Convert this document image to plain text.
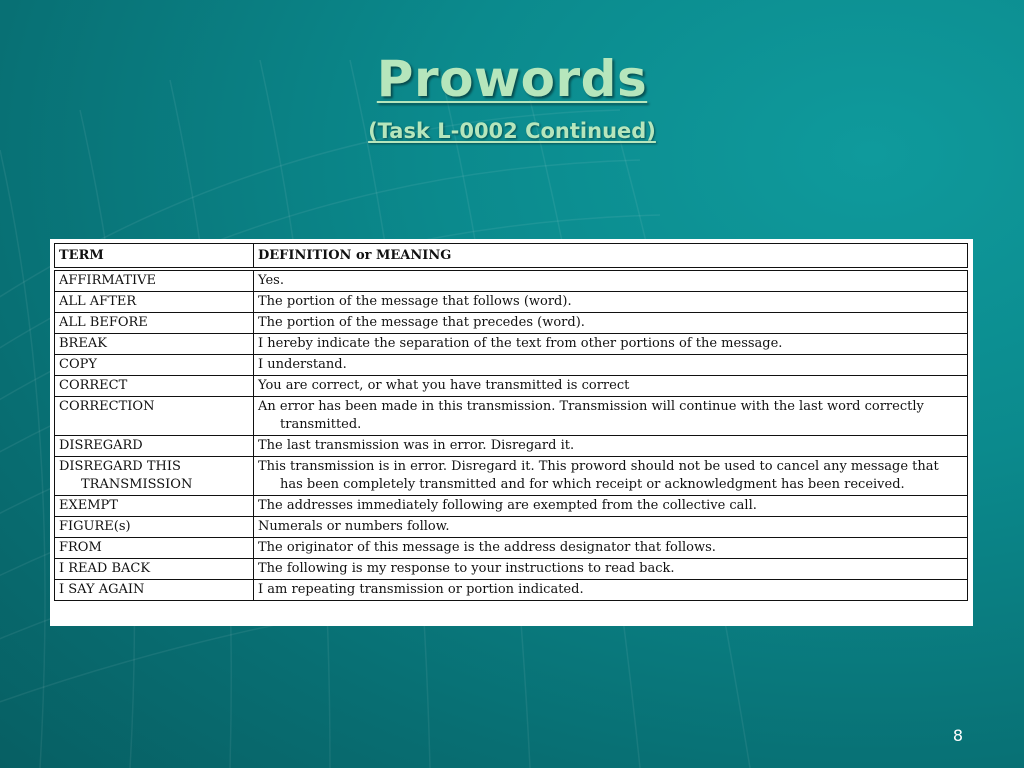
Prowords
(Task L-0002 Continued)
TERM	DEFINITION or MEANING
AFFIRMATIVE	Yes.
ALL AFTER	The portion of the message that follows (word).
ALL BEFORE	The portion of the message that precedes (word).
BREAK	I hereby indicate the separation of the text from other portions of the message.
COPY	I understand.
CORRECT	You are correct, or what you have transmitted is correct
CORRECTION	An error has been made in this transmission. Transmission will continue with the last word correctly transmitted.

DISREGARD	The last transmission was in error. Disregard it.

DISREGARD THIS TRANSMISSION	This transmission is in error. Disregard it. This proword should not be used to cancel any message that has been completely transmitted and for which receipt or acknowledgment has been received.

EXEMPT	The addresses immediately following are exempted from the collective call.
FIGURE(s)	Numerals or numbers follow.
FROM	The originator of this message is the address designator that follows.
I READ BACK	The following is my response to your instructions to read back.
I SAY AGAIN	I am repeating transmission or portion indicated.
8
